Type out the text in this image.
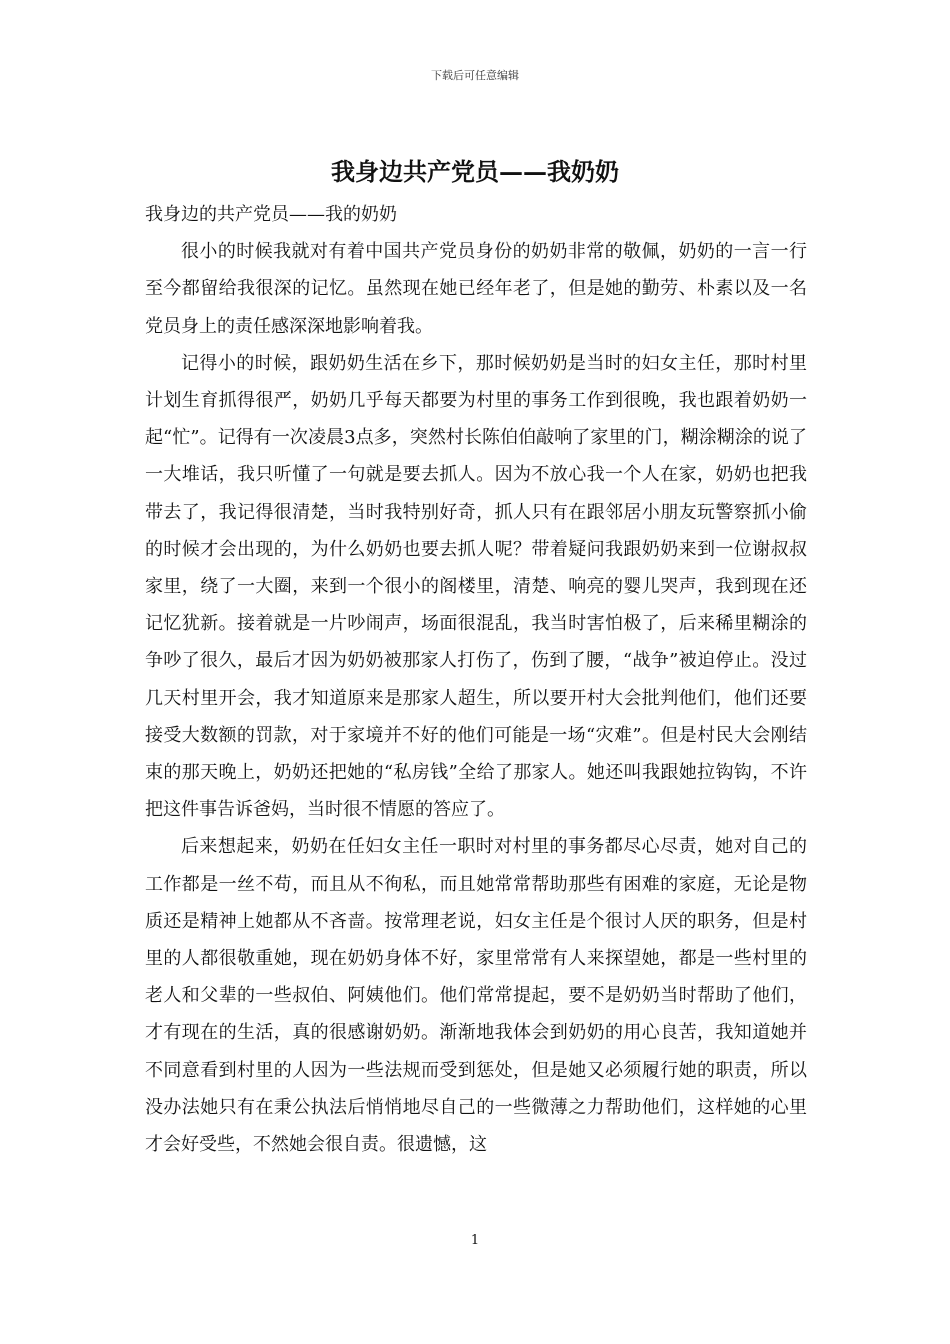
下载后可任意编辑
我身边共产党员——我奶奶

我身边的共产党员——我的奶奶

很小的时候我就对有着中国共产党员身份的奶奶非常的敬佩，奶奶的一言一行至今都留给我很深的记忆。虽然现在她已经年老了，但是她的勤劳、朴素以及一名党员身上的责任感深深地影响着我。

记得小的时候，跟奶奶生活在乡下，那时候奶奶是当时的妇女主任，那时村里计划生育抓得很严，奶奶几乎每天都要为村里的事务工作到很晚，我也跟着奶奶一起“忙”。记得有一次凌晨3点多，突然村长陈伯伯敲响了家里的门，糊涂糊涂的说了一大堆话，我只听懂了一句就是要去抓人。因为不放心我一个人在家，奶奶也把我带去了，我记得很清楚，当时我特别好奇，抓人只有在跟邻居小朋友玩警察抓小偷的时候才会出现的，为什么奶奶也要去抓人呢？带着疑问我跟奶奶来到一位谢叔叔家里，绕了一大圈，来到一个很小的阁楼里，清楚、响亮的婴儿哭声，我到现在还记忆犹新。接着就是一片吵闹声，场面很混乱，我当时害怕极了，后来稀里糊涂的争吵了很久，最后才因为奶奶被那家人打伤了，伤到了腰，“战争”被迫停止。没过几天村里开会，我才知道原来是那家人超生，所以要开村大会批判他们，他们还要接受大数额的罚款，对于家境并不好的他们可能是一场“灾难”。但是村民大会刚结束的那天晚上，奶奶还把她的“私房钱”全给了那家人。她还叫我跟她拉钩钩，不许把这件事告诉爸妈，当时很不情愿的答应了。

后来想起来，奶奶在任妇女主任一职时对村里的事务都尽心尽责，她对自己的工作都是一丝不苟，而且从不徇私，而且她常常帮助那些有困难的家庭，无论是物质还是精神上她都从不吝啬。按常理老说，妇女主任是个很讨人厌的职务，但是村里的人都很敬重她，现在奶奶身体不好，家里常常有人来探望她，都是一些村里的老人和父辈的一些叔伯、阿姨他们。他们常常提起，要不是奶奶当时帮助了他们，才有现在的生活，真的很感谢奶奶。渐渐地我体会到奶奶的用心良苦，我知道她并不同意看到村里的人因为一些法规而受到惩处，但是她又必须履行她的职责，所以没办法她只有在秉公执法后悄悄地尽自己的一些微薄之力帮助他们，这样她的心里才会好受些，不然她会很自责。很遗憾，这

1
